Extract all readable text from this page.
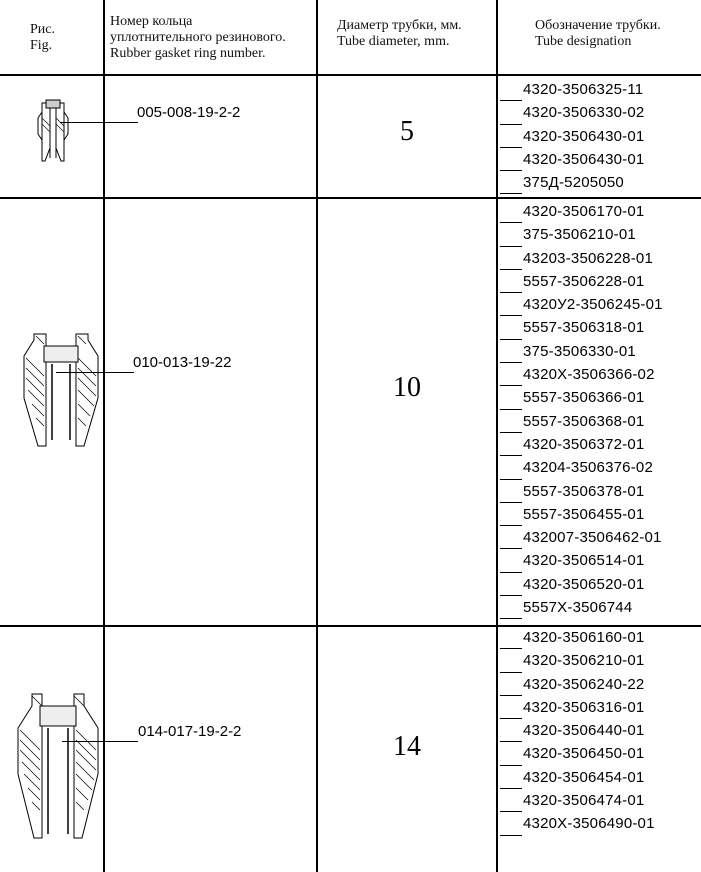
Рис.
Fig.
Номер кольца
уплотнительного резинового.
Rubber gasket ring number.
Диаметр трубки, мм.
Tube diameter, mm.
Обозначение трубки.
Tube designation
005-008-19-2-2
5
4320-3506325-11
4320-3506330-02
4320-3506430-01
4320-3506430-01
375Д-5205050
010-013-19-22
10
4320-3506170-01
375-3506210-01
43203-3506228-01
5557-3506228-01
4320У2-3506245-01
5557-3506318-01
375-3506330-01
4320Х-3506366-02
5557-3506366-01
5557-3506368-01
4320-3506372-01
43204-3506376-02
5557-3506378-01
5557-3506455-01
432007-3506462-01
4320-3506514-01
4320-3506520-01
5557Х-3506744
014-017-19-2-2	14
4320-3506160-01
4320-3506210-01
4320-3506240-22
4320-3506316-01
4320-3506440-01
4320-3506450-01
4320-3506454-01
4320-3506474-01
4320Х-3506490-01
